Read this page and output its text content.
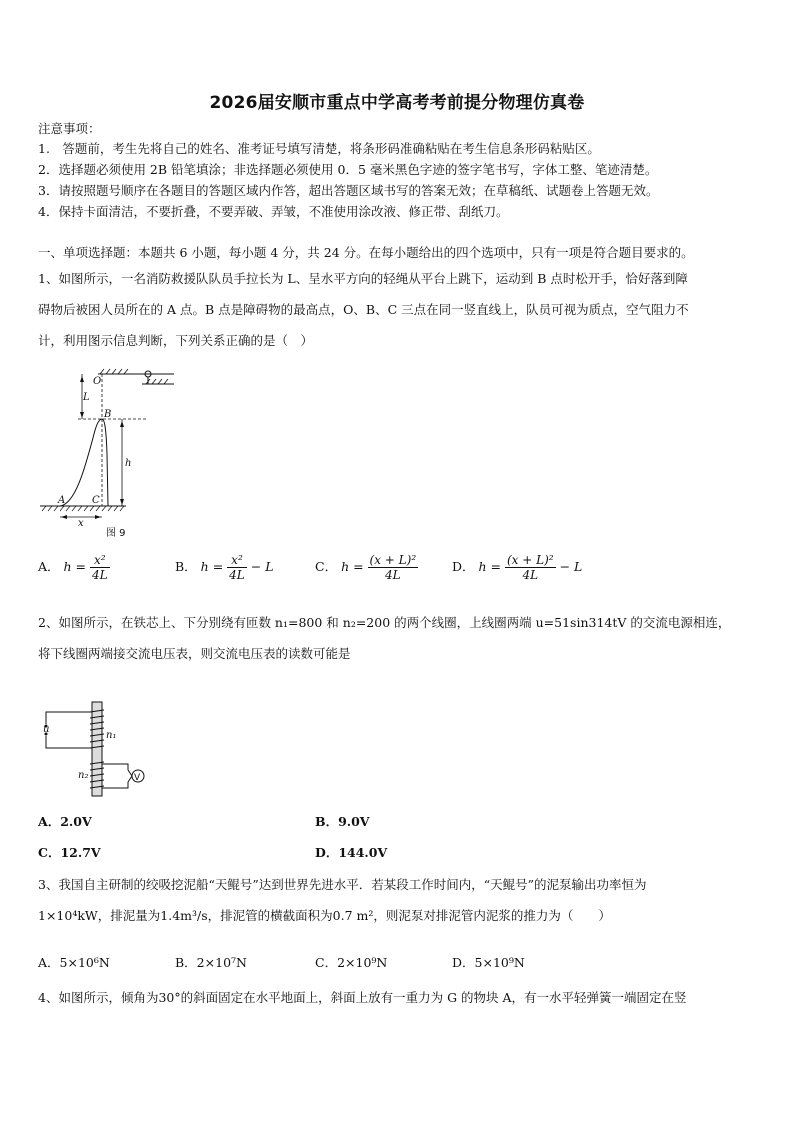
2026届安顺市重点中学高考考前提分物理仿真卷
注意事项：
1.　答题前，考生先将自己的姓名、准考证号填写清楚，将条形码准确粘贴在考生信息条形码粘贴区。
2．选择题必须使用 2B 铅笔填涂；非选择题必须使用 0．5 毫米黑色字迹的签字笔书写，字体工整、笔迹清楚。
3．请按照题号顺序在各题目的答题区域内作答，超出答题区域书写的答案无效；在草稿纸、试题卷上答题无效。
4．保持卡面清洁，不要折叠，不要弄破、弄皱，不准使用涂改液、修正带、刮纸刀。
一、单项选择题：本题共 6 小题，每小题 4 分，共 24 分。在每小题给出的四个选项中，只有一项是符合题目要求的。
1、如图所示，一名消防救援队队员手拉长为 L、呈水平方向的轻绳从平台上跳下，运动到 B 点时松开手，恰好落到障
碍物后被困人员所在的 A 点。B 点是障碍物的最高点，O、B、C 三点在同一竖直线上，队员可视为质点，空气阻力不
计，利用图示信息判断，下列关系正确的是（　）
O
L
B
h
A	C
x
图 9
A． $h = \frac{\text{x²}}{4L}$	B． $h = \frac{\text{x²}}{4L} - L$	C． $h = \frac{\text{(x + L)²}}{4L}$	D． $h = \frac{\text{(x + L)²}}{4L} - L$
2、如图所示，在铁芯上、下分别绕有匝数 n₁=800 和 n₂=200 的两个线圈，上线圈两端 u=51sin314tV 的交流电源相连，
将下线圈两端接交流电压表，则交流电压表的读数可能是
u
n₁
n₂	V
A．2.0V	B．9.0V
C．12.7V	D．144.0V
3、我国自主研制的绞吸挖泥船“天鲲号”达到世界先进水平．若某段工作时间内，“天鲲号”的泥泵输出功率恒为
1×10⁴kW，排泥量为1.4m³/s，排泥管的横截面积为0.7 m²，则泥泵对排泥管内泥浆的推力为（　　）
A．5×10⁶N	B．2×10⁷N	C．2×10⁹N	D．5×10⁹N
4、如图所示，倾角为30°的斜面固定在水平地面上，斜面上放有一重力为 G 的物块 A，有一水平轻弹簧一端固定在竖
